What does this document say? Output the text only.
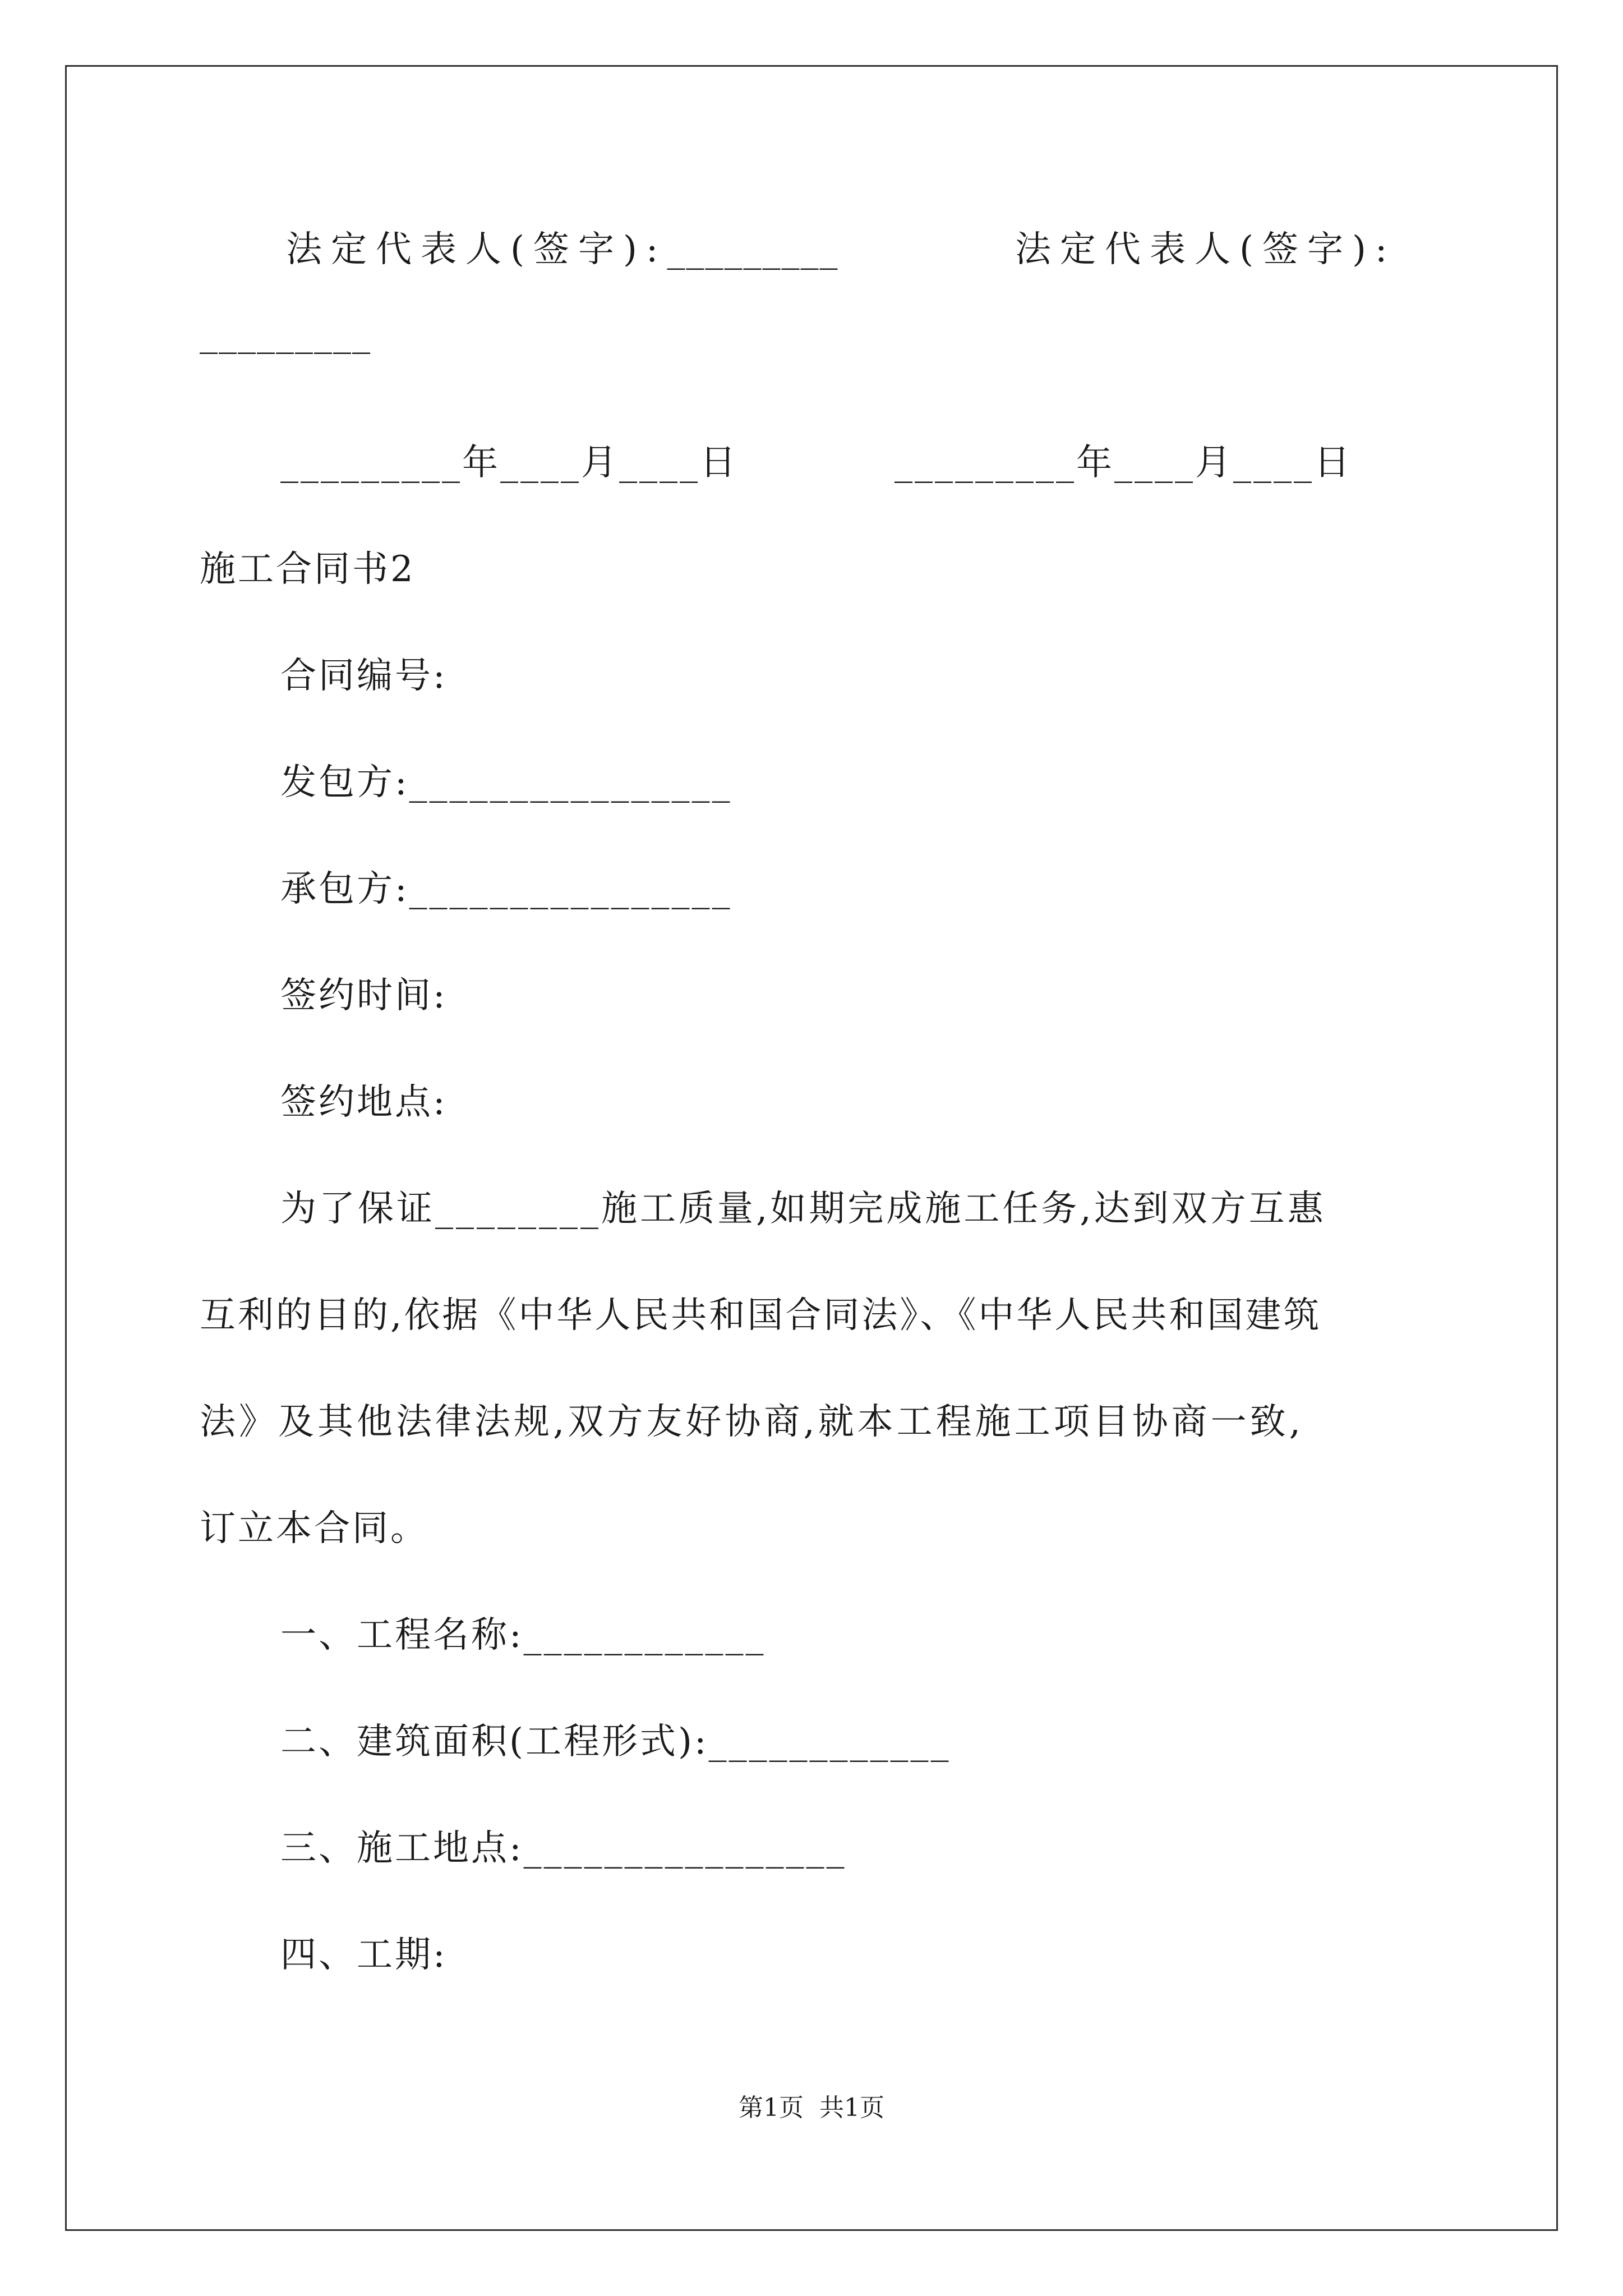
法定代表人(签字):_________	法定代表人(签字):
_________
_________年____月____日	_________年____月____日
施工合同书2
合同编号:
发包方:________________
承包方:________________
签约时间:
签约地点:
为了保证________施工质量,如期完成施工任务,达到双方互惠
互利的目的,依据《中华人民共和国合同法》、《中华人民共和国建筑
法》及其他法律法规,双方友好协商,就本工程施工项目协商一致,
订立本合同。
一、工程名称:____________
二、建筑面积(工程形式):____________
三、施工地点:________________
四、工期:
第1页  共1页
